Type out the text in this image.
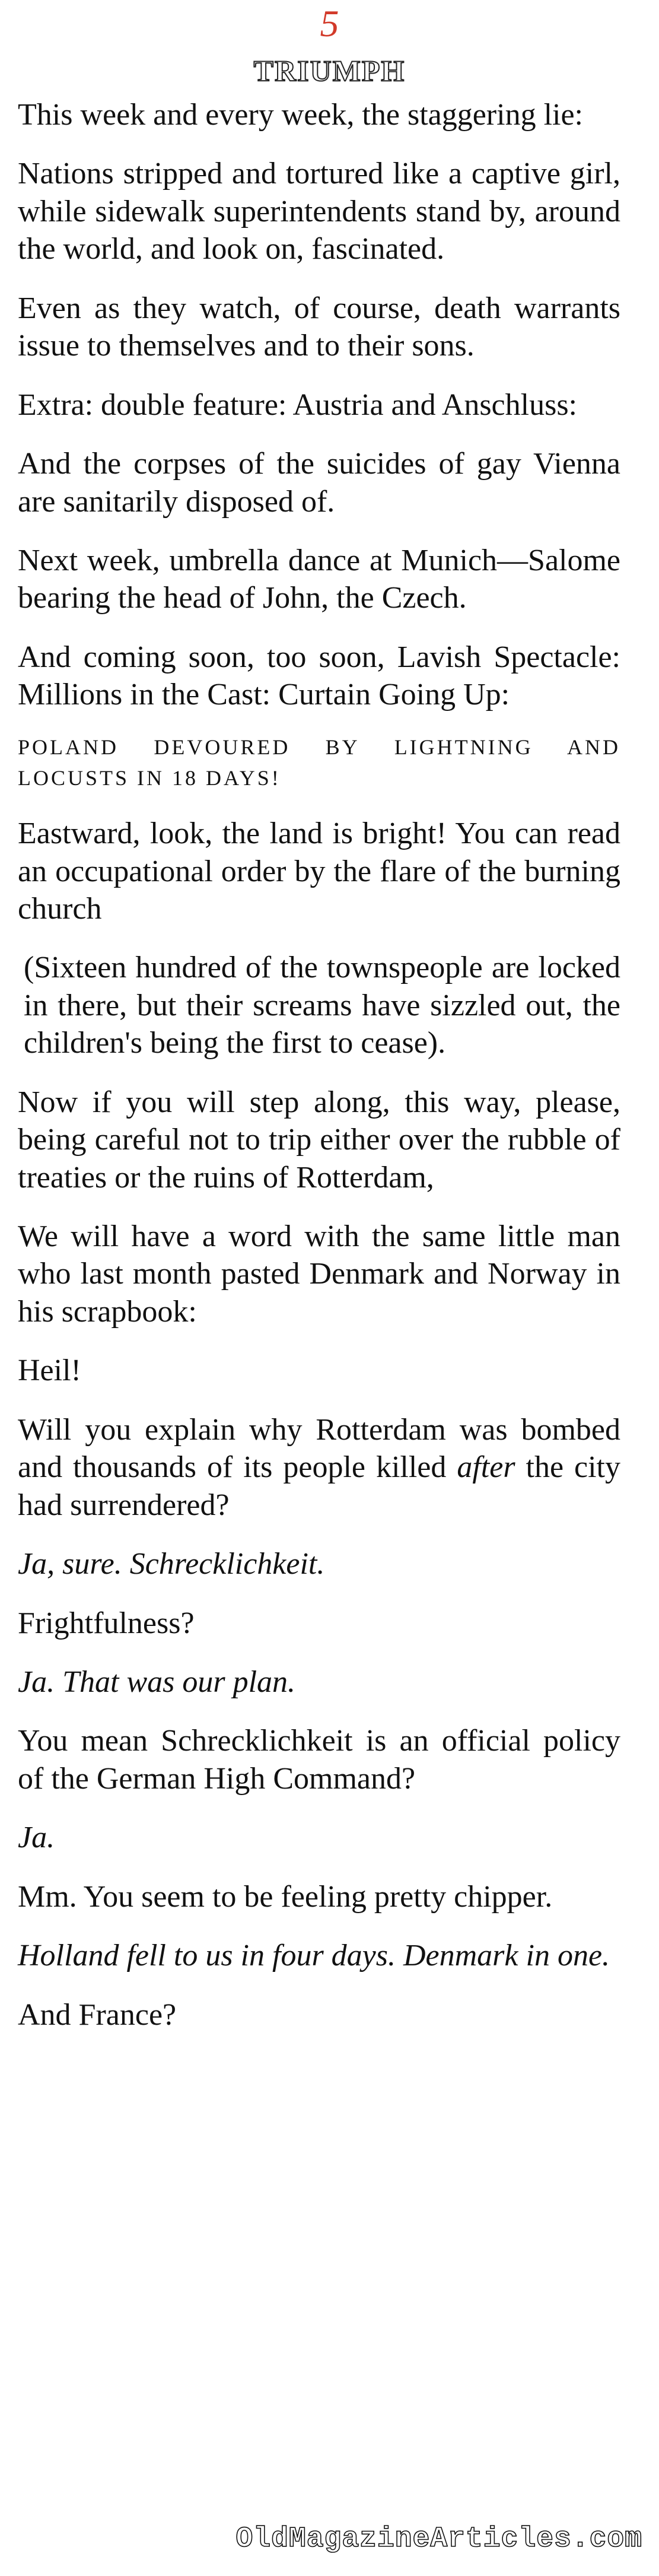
5
TRIUMPH

This week and every week, the staggering lie:

Nations stripped and tortured like a captive girl, while sidewalk superintendents stand by, around the world, and look on, fascinated.

Even as they watch, of course, death warrants issue to themselves and to their sons.

Extra: double feature: Austria and Anschluss:

And the corpses of the suicides of gay Vienna are sanitarily disposed of.

Next week, umbrella dance at Munich—Salome bearing the head of John, the Czech.

And coming soon, too soon, Lavish Spectacle: Millions in the Cast: Curtain Going Up:

POLAND DEVOURED BY LIGHTNING AND LOCUSTS IN 18 DAYS!

Eastward, look, the land is bright! You can read an occupational order by the flare of the burning church

(Sixteen hundred of the townspeople are locked in there, but their screams have sizzled out, the children's being the first to cease).

Now if you will step along, this way, please, being careful not to trip either over the rubble of treaties or the ruins of Rotterdam,

We will have a word with the same little man who last month pasted Denmark and Norway in his scrapbook:

Heil!

Will you explain why Rotterdam was bombed and thousands of its people killed after the city had surrendered?

Ja, sure. Schrecklichkeit.

Frightfulness?

Ja. That was our plan.

You mean Schrecklichkeit is an official policy of the German High Command?

Ja.

Mm. You seem to be feeling pretty chipper.

Holland fell to us in four days. Denmark in one.

And France?

OldMagazineArticles.com
